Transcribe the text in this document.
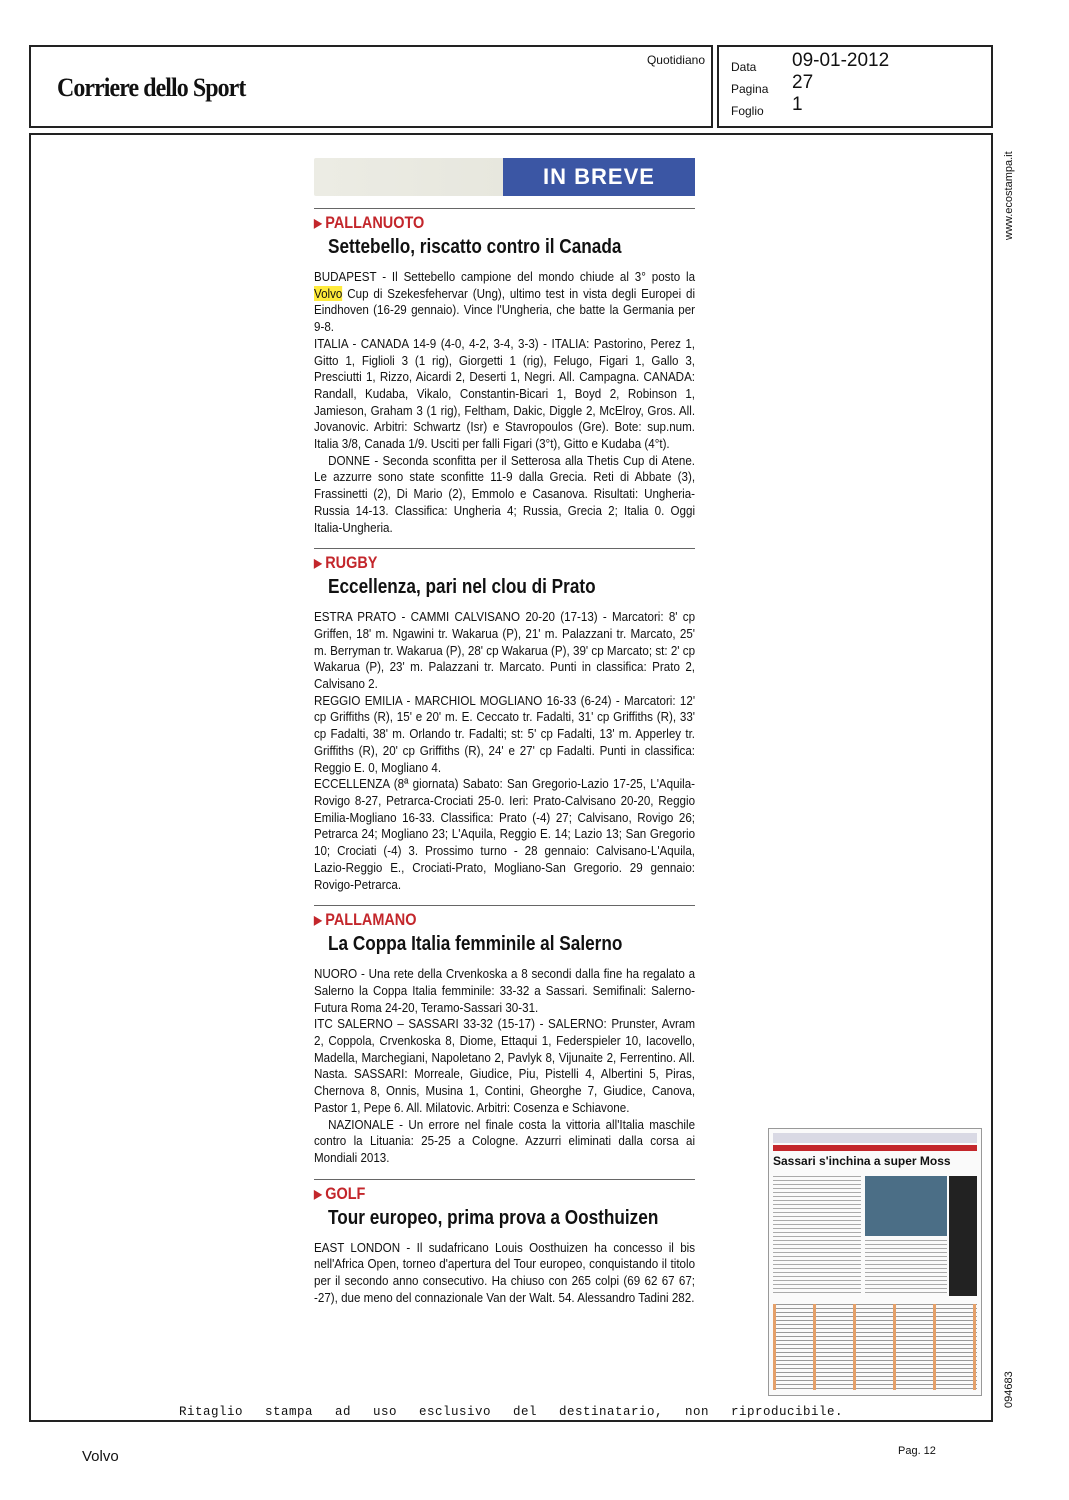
Corriere dello Sport
Quotidiano Data
Pagina
Foglio
09-01-2012
27
1
www.ecostampa.it
094683
IN BREVE
▶ PALLANUOTO
Settebello, riscatto contro il Canada

BUDAPEST - Il Settebello campione del mondo chiude al 3° posto la Volvo Cup di Szekesfehervar (Ung), ultimo test in vista degli Europei di Eindhoven (16-29 gennaio). Vince l'Ungheria, che batte la Germania per 9-8.

ITALIA - CANADA 14-9 (4-0, 4-2, 3-4, 3-3) - ITALIA: Pastorino, Perez 1, Gitto 1, Figlioli 3 (1 rig), Giorgetti 1 (rig), Felugo, Figari 1, Gallo 3, Presciutti 1, Rizzo, Aicardi 2, Deserti 1, Negri. All. Campagna. CANADA: Randall, Kudaba, Vikalo, Constantin-Bicari 1, Boyd 2, Robinson 1, Jamieson, Graham 3 (1 rig), Feltham, Dakic, Diggle 2, McElroy, Gros. All. Jovanovic. Arbitri: Schwartz (Isr) e Stavropoulos (Gre). Bote: sup.num. Italia 3/8, Canada 1/9. Usciti per falli Figari (3°t), Gitto e Kudaba (4°t).

DONNE - Seconda sconfitta per il Setterosa alla Thetis Cup di Atene. Le azzurre sono state sconfitte 11-9 dalla Grecia. Reti di Abbate (3), Frassinetti (2), Di Mario (2), Emmolo e Casanova. Risultati: Ungheria-Russia 14-13. Classifica: Ungheria 4; Russia, Grecia 2; Italia 0. Oggi Italia-Ungheria.

▶ RUGBY
Eccellenza, pari nel clou di Prato

ESTRA PRATO - CAMMI CALVISANO 20-20 (17-13) - Marcatori: 8' cp Griffen, 18' m. Ngawini tr. Wakarua (P), 21' m. Palazzani tr. Marcato, 25' m. Berryman tr. Wakarua (P), 28' cp Wakarua (P), 39' cp Marcato; st: 2' cp Wakarua (P), 23' m. Palazzani tr. Marcato. Punti in classifica: Prato 2, Calvisano 2.

REGGIO EMILIA - MARCHIOL MOGLIANO 16-33 (6-24) - Marcatori: 12' cp Griffiths (R), 15' e 20' m. E. Ceccato tr. Fadalti, 31' cp Griffiths (R), 33' cp Fadalti, 38' m. Orlando tr. Fadalti; st: 5' cp Fadalti, 13' m. Apperley tr. Griffiths (R), 20' cp Griffiths (R), 24' e 27' cp Fadalti. Punti in classifica: Reggio E. 0, Mogliano 4.

ECCELLENZA (8ª giornata) Sabato: San Gregorio-Lazio 17-25, L'Aquila-Rovigo 8-27, Petrarca-Crociati 25-0. Ieri: Prato-Calvisano 20-20, Reggio Emilia-Mogliano 16-33. Classifica: Prato (-4) 27; Calvisano, Rovigo 26; Petrarca 24; Mogliano 23; L'Aquila, Reggio E. 14; Lazio 13; San Gregorio 10; Crociati (-4) 3. Prossimo turno - 28 gennaio: Calvisano-L'Aquila, Lazio-Reggio E., Crociati-Prato, Mogliano-San Gregorio. 29 gennaio: Rovigo-Petrarca.

▶ PALLAMANO
La Coppa Italia femminile al Salerno

NUORO - Una rete della Crvenkoska a 8 secondi dalla fine ha regalato a Salerno la Coppa Italia femminile: 33-32 a Sassari. Semifinali: Salerno-Futura Roma 24-20, Teramo-Sassari 30-31.

ITC SALERNO – SASSARI 33-32 (15-17) - SALERNO: Prunster, Avram 2, Coppola, Crvenkoska 8, Diome, Ettaqui 1, Federspieler 10, Iacovello, Madella, Marchegiani, Napoletano 2, Pavlyk 8, Vijunaite 2, Ferrentino. All. Nasta. SASSARI: Morreale, Giudice, Piu, Pistelli 4, Albertini 5, Piras, Chernova 8, Onnis, Musina 1, Contini, Gheorghe 7, Giudice, Canova, Pastor 1, Pepe 6. All. Milatovic. Arbitri: Cosenza e Schiavone.

NAZIONALE - Un errore nel finale costa la vittoria all'Italia maschile contro la Lituania: 25-25 a Cologne. Azzurri eliminati dalla corsa ai Mondiali 2013.

▶ GOLF
Tour europeo, prima prova a Oosthuizen

EAST LONDON - Il sudafricano Louis Oosthuizen ha concesso il bis nell'Africa Open, torneo d'apertura del Tour europeo, conquistando il titolo per il secondo anno consecutivo. Ha chiuso con 265 colpi (69 62 67 67; -27), due meno del connazionale Van der Walt. 54. Alessandro Tadini 282.

Sassari s'inchina a super Moss
Ritaglio stampa ad uso esclusivo del destinatario, non riproducibile.
Volvo	Pag. 12
